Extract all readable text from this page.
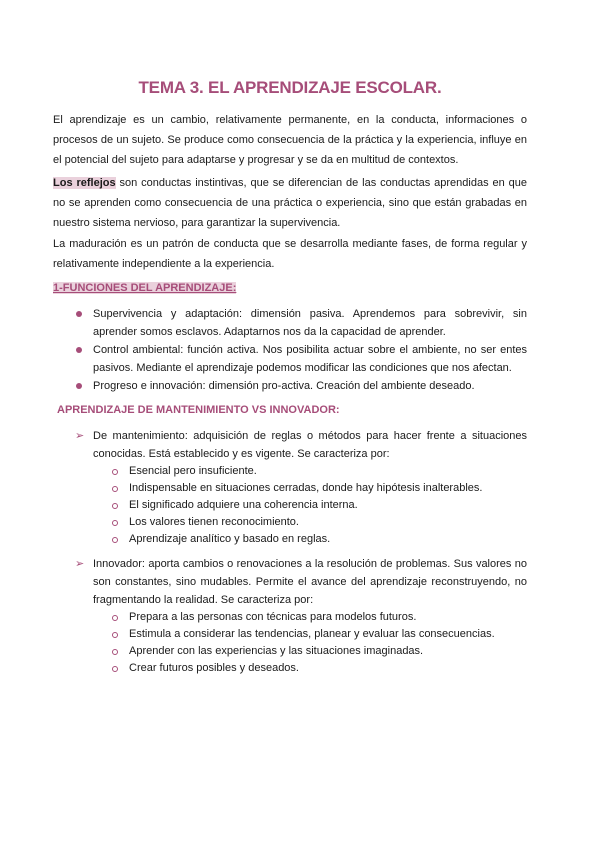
TEMA 3. EL APRENDIZAJE ESCOLAR.

El aprendizaje es un cambio, relativamente permanente, en la conducta, informaciones o procesos de un sujeto. Se produce como consecuencia de la práctica y la experiencia, influye en el potencial del sujeto para adaptarse y progresar y se da en multitud de contextos.

Los reflejos son conductas instintivas, que se diferencian de las conductas aprendidas en que no se aprenden como consecuencia de una práctica o experiencia, sino que están grabadas en nuestro sistema nervioso, para garantizar la supervivencia.

La maduración es un patrón de conducta que se desarrolla mediante fases, de forma regular y relativamente independiente a la experiencia.

1-FUNCIONES DEL APRENDIZAJE:
Supervivencia y adaptación: dimensión pasiva. Aprendemos para sobrevivir, sin aprender somos esclavos. Adaptarnos nos da la capacidad de aprender.
Control ambiental: función activa. Nos posibilita actuar sobre el ambiente, no ser entes pasivos. Mediante el aprendizaje podemos modificar las condiciones que nos afectan.
Progreso e innovación: dimensión pro-activa. Creación del ambiente deseado.
APRENDIZAJE DE MANTENIMIENTO VS INNOVADOR:
➢ De mantenimiento: adquisición de reglas o métodos para hacer frente a situaciones conocidas. Está establecido y es vigente. Se caracteriza por:
Esencial pero insuficiente.
Indispensable en situaciones cerradas, donde hay hipótesis inalterables.
El significado adquiere una coherencia interna.
Los valores tienen reconocimiento.
Aprendizaje analítico y basado en reglas.
➢ Innovador: aporta cambios o renovaciones a la resolución de problemas. Sus valores no son constantes, sino mudables. Permite el avance del aprendizaje reconstruyendo, no fragmentando la realidad. Se caracteriza por:
Prepara a las personas con técnicas para modelos futuros.
Estimula a considerar las tendencias, planear y evaluar las consecuencias.
Aprender con las experiencias y las situaciones imaginadas.
Crear futuros posibles y deseados.
